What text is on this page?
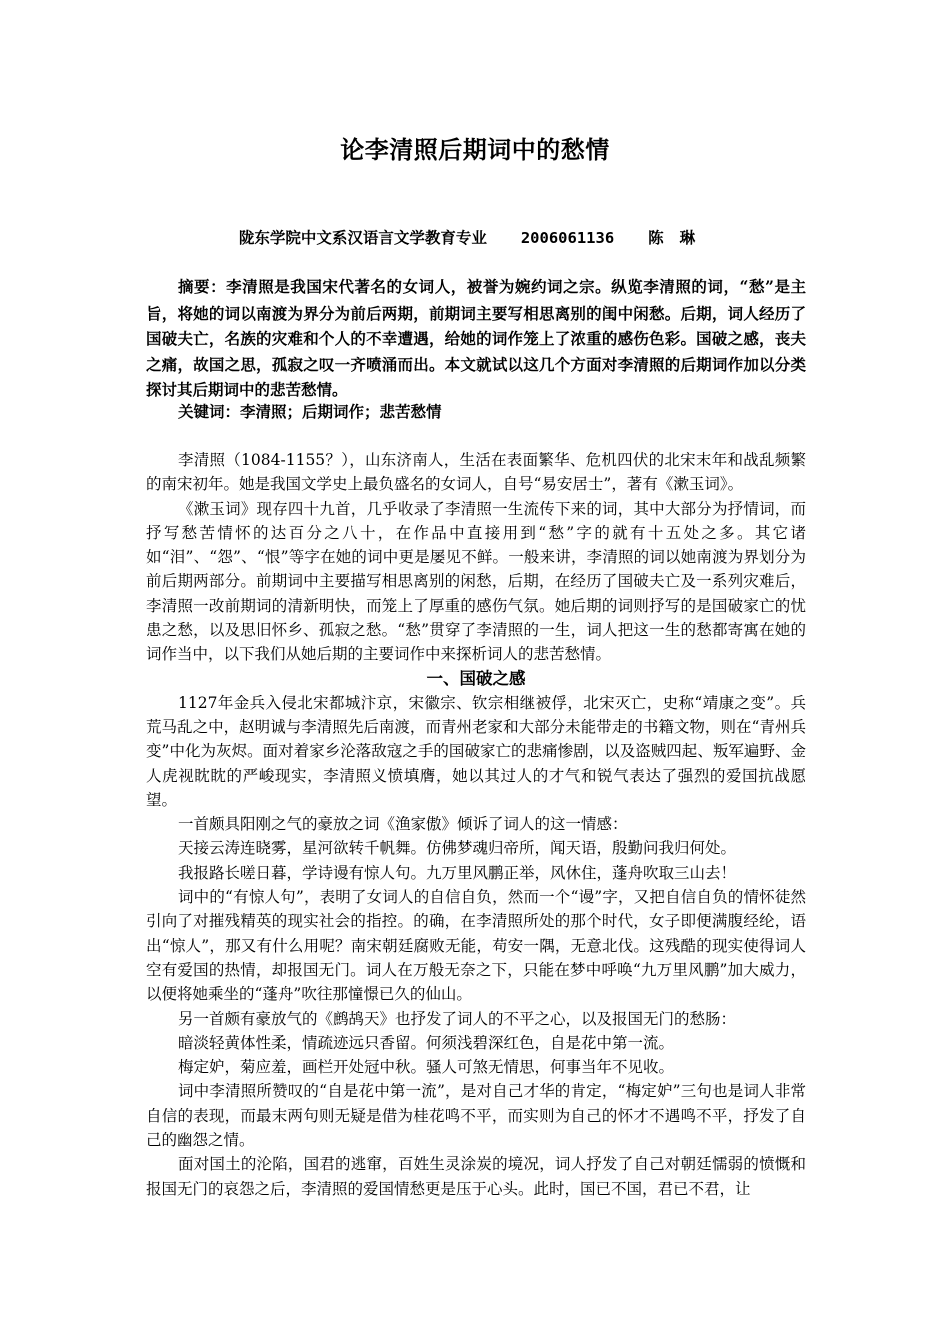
论李清照后期词中的愁情
陇东学院中文系汉语言文学教育专业 2006061136 陈琳

摘要：李清照是我国宋代著名的女词人，被誉为婉约词之宗。纵览李清照的词，“愁”是主旨，将她的词以南渡为界分为前后两期，前期词主要写相思离别的闺中闲愁。后期，词人经历了国破夫亡，名族的灾难和个人的不幸遭遇，给她的词作笼上了浓重的感伤色彩。国破之感，丧夫之痛，故国之思，孤寂之叹一齐喷涌而出。本文就试以这几个方面对李清照的后期词作加以分类探讨其后期词中的悲苦愁情。

关键词：李清照；后期词作；悲苦愁情

李清照（1084-1155？），山东济南人，生活在表面繁华、危机四伏的北宋末年和战乱频繁的南宋初年。她是我国文学史上最负盛名的女词人，自号“易安居士”，著有《漱玉词》。

《漱玉词》现存四十九首，几乎收录了李清照一生流传下来的词，其中大部分为抒情词，而抒写愁苦情怀的达百分之八十，在作品中直接用到“愁”字的就有十五处之多。其它诸如“泪”、“怨”、“恨”等字在她的词中更是屡见不鲜。一般来讲，李清照的词以她南渡为界划分为前后期两部分。前期词中主要描写相思离别的闲愁，后期，在经历了国破夫亡及一系列灾难后，李清照一改前期词的清新明快，而笼上了厚重的感伤气氛。她后期的词则抒写的是国破家亡的忧患之愁，以及思旧怀乡、孤寂之愁。“愁”贯穿了李清照的一生，词人把这一生的愁都寄寓在她的词作当中，以下我们从她后期的主要词作中来探析词人的悲苦愁情。

一、国破之感

1127年金兵入侵北宋都城汴京，宋徽宗、钦宗相继被俘，北宋灭亡，史称“靖康之变”。兵荒马乱之中，赵明诚与李清照先后南渡，而青州老家和大部分未能带走的书籍文物，则在“青州兵变”中化为灰烬。面对着家乡沦落敌寇之手的国破家亡的悲痛惨剧，以及盗贼四起、叛军遍野、金人虎视眈眈的严峻现实，李清照义愤填膺，她以其过人的才气和锐气表达了强烈的爱国抗战愿望。

一首颇具阳刚之气的豪放之词《渔家傲》倾诉了词人的这一情感：

天接云涛连晓雾，星河欲转千帆舞。仿佛梦魂归帝所，闻天语，殷勤问我归何处。

我报路长嗟日暮，学诗谩有惊人句。九万里风鹏正举，风休住，蓬舟吹取三山去！

词中的“有惊人句”，表明了女词人的自信自负，然而一个“谩”字，又把自信自负的情怀徒然引向了对摧残精英的现实社会的指控。的确，在李清照所处的那个时代，女子即便满腹经纶，语出“惊人”，那又有什么用呢？南宋朝廷腐败无能，苟安一隅，无意北伐。这残酷的现实使得词人空有爱国的热情，却报国无门。词人在万般无奈之下，只能在梦中呼唤“九万里风鹏”加大威力，以便将她乘坐的“蓬舟”吹往那憧憬已久的仙山。

另一首颇有豪放气的《鹧鸪天》也抒发了词人的不平之心，以及报国无门的愁肠：

暗淡轻黄体性柔，情疏迹远只香留。何须浅碧深红色，自是花中第一流。

梅定妒，菊应羞，画栏开处冠中秋。骚人可煞无情思，何事当年不见收。

词中李清照所赞叹的“自是花中第一流”，是对自己才华的肯定，“梅定妒”三句也是词人非常自信的表现，而最末两句则无疑是借为桂花鸣不平，而实则为自己的怀才不遇鸣不平，抒发了自己的幽怨之情。

面对国土的沦陷，国君的逃窜，百姓生灵涂炭的境况，词人抒发了自己对朝廷懦弱的愤慨和报国无门的哀怨之后，李清照的爱国情愁更是压于心头。此时，国已不国，君已不君，让
